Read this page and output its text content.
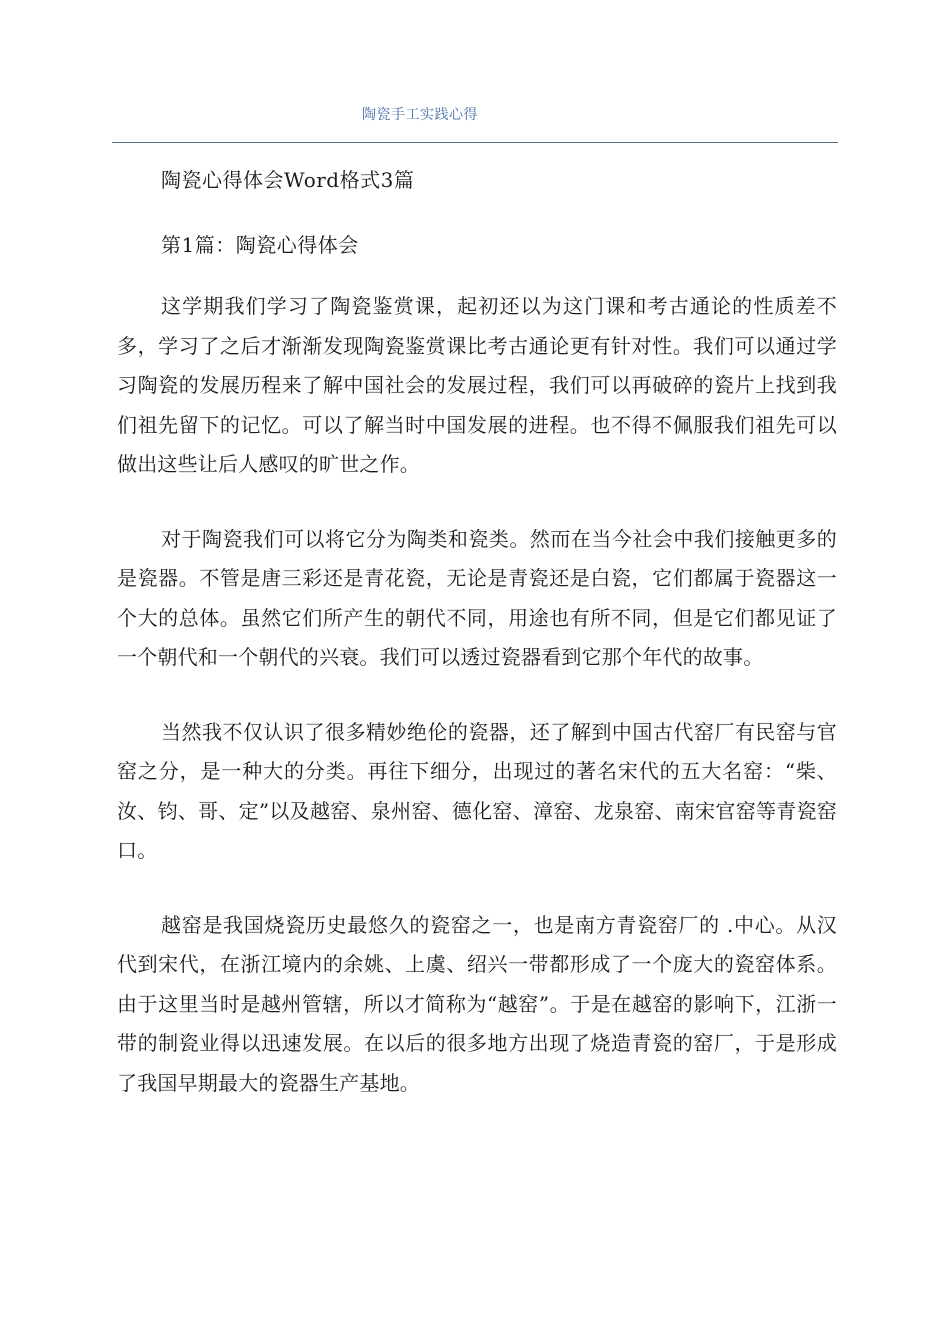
陶瓷手工实践心得

陶瓷心得体会Word格式3篇

第1篇：陶瓷心得体会

这学期我们学习了陶瓷鉴赏课，起初还以为这门课和考古通论的性质差不多，学习了之后才渐渐发现陶瓷鉴赏课比考古通论更有针对性。我们可以通过学习陶瓷的发展历程来了解中国社会的发展过程，我们可以再破碎的瓷片上找到我们祖先留下的记忆。可以了解当时中国发展的进程。也不得不佩服我们祖先可以做出这些让后人感叹的旷世之作。

对于陶瓷我们可以将它分为陶类和瓷类。然而在当今社会中我们接触更多的是瓷器。不管是唐三彩还是青花瓷，无论是青瓷还是白瓷，它们都属于瓷器这一个大的总体。虽然它们所产生的朝代不同，用途也有所不同，但是它们都见证了一个朝代和一个朝代的兴衰。我们可以透过瓷器看到它那个年代的故事。

当然我不仅认识了很多精妙绝伦的瓷器，还了解到中国古代窑厂有民窑与官窑之分，是一种大的分类。再往下细分，出现过的著名宋代的五大名窑：“柴、汝、钧、哥、定”以及越窑、泉州窑、德化窑、漳窑、龙泉窑、南宋官窑等青瓷窑口。

越窑是我国烧瓷历史最悠久的瓷窑之一，也是南方青瓷窑厂的 .中心。从汉代到宋代，在浙江境内的余姚、上虞、绍兴一带都形成了一个庞大的瓷窑体系。由于这里当时是越州管辖，所以才简称为“越窑”。于是在越窑的影响下，江浙一带的制瓷业得以迅速发展。在以后的很多地方出现了烧造青瓷的窑厂，于是形成了我国早期最大的瓷器生产基地。
